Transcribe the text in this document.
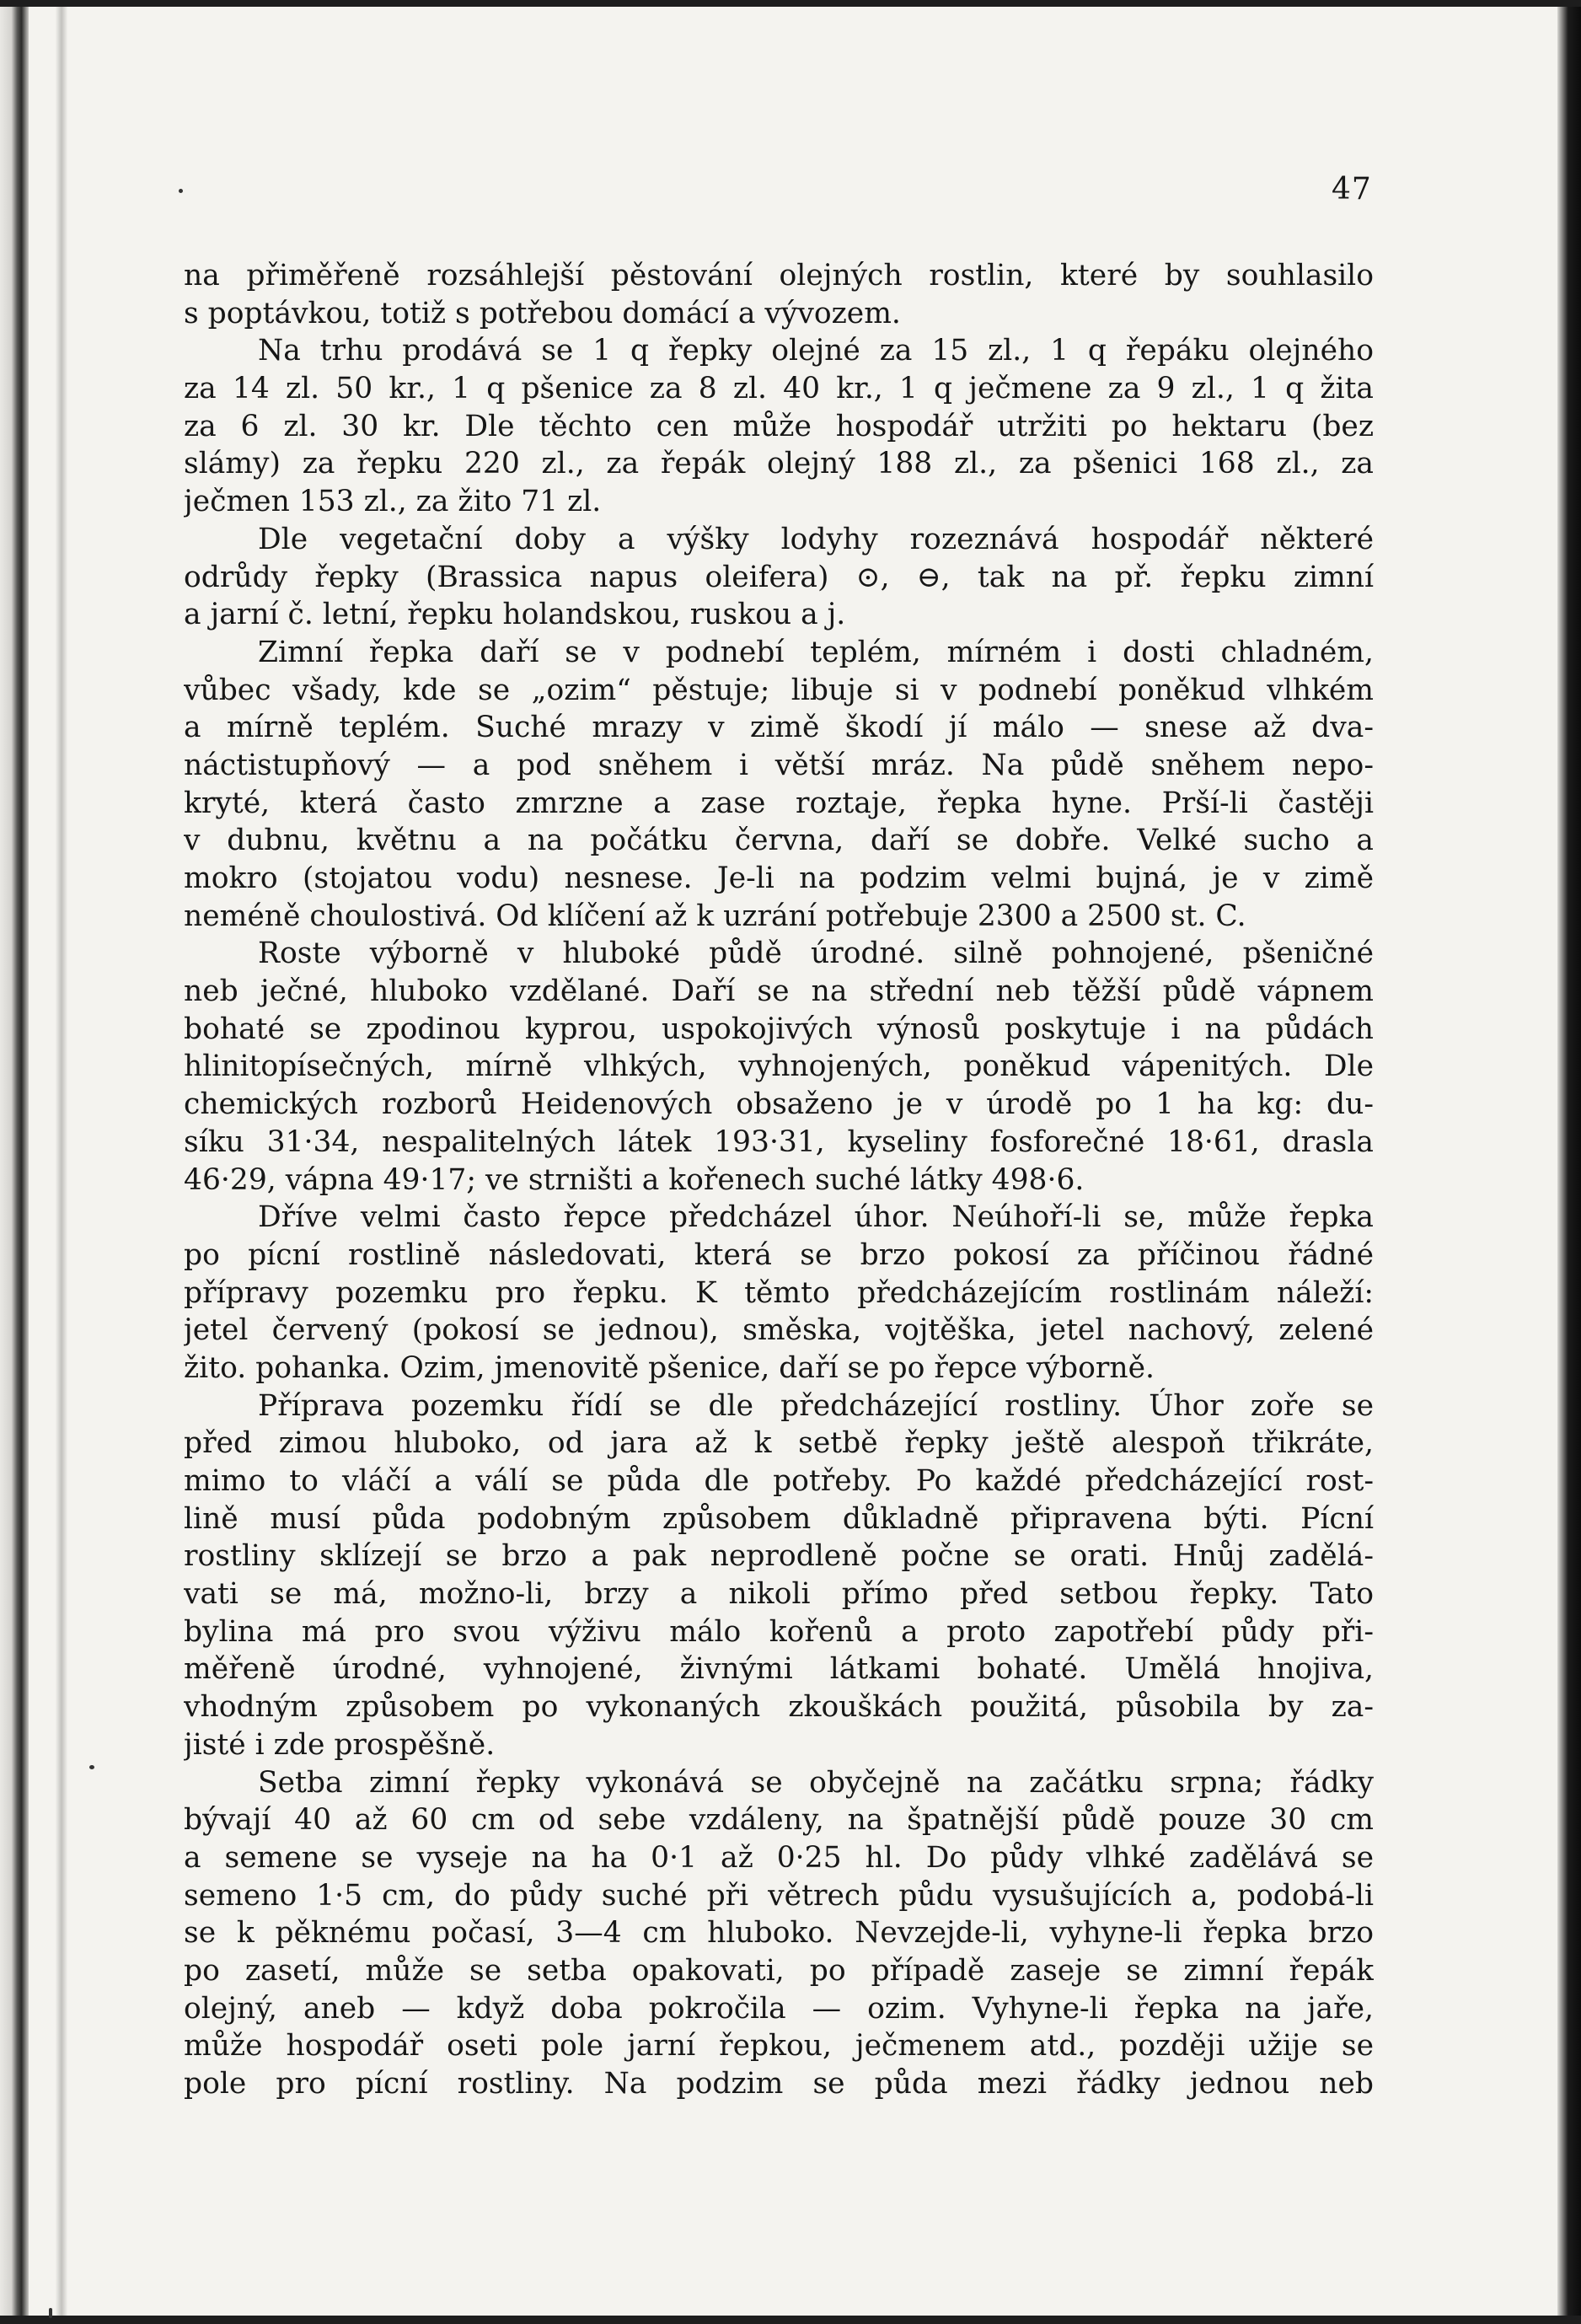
47
na přiměřeně rozsáhlejší pěstování olejných rostlin, které by souhlasilo
s poptávkou, totiž s potřebou domácí a vývozem.
Na trhu prodává se 1 q řepky olejné za 15 zl., 1 q řepáku olejného
za 14 zl. 50 kr., 1 q pšenice za 8 zl. 40 kr., 1 q ječmene za 9 zl., 1 q žita
za 6 zl. 30 kr. Dle těchto cen může hospodář utržiti po hektaru (bez
slámy) za řepku 220 zl., za řepák olejný 188 zl., za pšenici 168 zl., za
ječmen 153 zl., za žito 71 zl.
Dle vegetační doby a výšky lodyhy rozeznává hospodář některé
odrůdy řepky (Brassica napus oleifera) ⊙, ⊖, tak na př. řepku zimní
a jarní č. letní, řepku holandskou, ruskou a j.
Zimní řepka daří se v podnebí teplém, mírném i dosti chladném,
vůbec všady, kde se „ozim“ pěstuje; libuje si v podnebí poněkud vlhkém
a mírně teplém. Suché mrazy v zimě škodí jí málo — snese až dva-
náctistupňový — a pod sněhem i větší mráz. Na půdě sněhem nepo-
kryté, která často zmrzne a zase roztaje, řepka hyne. Prší-li častěji
v dubnu, květnu a na počátku června, daří se dobře. Velké sucho a
mokro (stojatou vodu) nesnese. Je-li na podzim velmi bujná, je v zimě
neméně choulostivá. Od klíčení až k uzrání potřebuje 2300 a 2500 st. C.
Roste výborně v hluboké půdě úrodné. silně pohnojené, pšeničné
neb ječné, hluboko vzdělané. Daří se na střední neb těžší půdě vápnem
bohaté se zpodinou kyprou, uspokojivých výnosů poskytuje i na půdách
hlinitopísečných, mírně vlhkých, vyhnojených, poněkud vápenitých. Dle
chemických rozborů Heidenových obsaženo je v úrodě po 1 ha kg: du-
síku 31·34, nespalitelných látek 193·31, kyseliny fosforečné 18·61, drasla
46·29, vápna 49·17; ve strništi a kořenech suché látky 498·6.
Dříve velmi často řepce předcházel úhor. Neúhoří-li se, může řepka
po pícní rostlině následovati, která se brzo pokosí za příčinou řádné
přípravy pozemku pro řepku. K těmto předcházejícím rostlinám náleží:
jetel červený (pokosí se jednou), směska, vojtěška, jetel nachový, zelené
žito. pohanka. Ozim, jmenovitě pšenice, daří se po řepce výborně.
Příprava pozemku řídí se dle předcházející rostliny. Úhor zoře se
před zimou hluboko, od jara až k setbě řepky ještě alespoň třikráte,
mimo to vláčí a válí se půda dle potřeby. Po každé předcházející rost-
lině musí půda podobným způsobem důkladně připravena býti. Pícní
rostliny sklízejí se brzo a pak neprodleně počne se orati. Hnůj zadělá-
vati se má, možno-li, brzy a nikoli přímo před setbou řepky. Tato
bylina má pro svou výživu málo kořenů a proto zapotřebí půdy při-
měřeně úrodné, vyhnojené, živnými látkami bohaté. Umělá hnojiva,
vhodným způsobem po vykonaných zkouškách použitá, působila by za-
jisté i zde prospěšně.
Setba zimní řepky vykonává se obyčejně na začátku srpna; řádky
bývají 40 až 60 cm od sebe vzdáleny, na špatnější půdě pouze 30 cm
a semene se vyseje na ha 0·1 až 0·25 hl. Do půdy vlhké zadělává se
semeno 1·5 cm, do půdy suché při větrech půdu vysušujících a, podobá-li
se k pěknému počasí, 3—4 cm hluboko. Nevzejde-li, vyhyne-li řepka brzo
po zasetí, může se setba opakovati, po případě zaseje se zimní řepák
olejný, aneb — když doba pokročila — ozim. Vyhyne-li řepka na jaře,
může hospodář oseti pole jarní řepkou, ječmenem atd., později užije se
pole pro pícní rostliny. Na podzim se půda mezi řádky jednou neb
